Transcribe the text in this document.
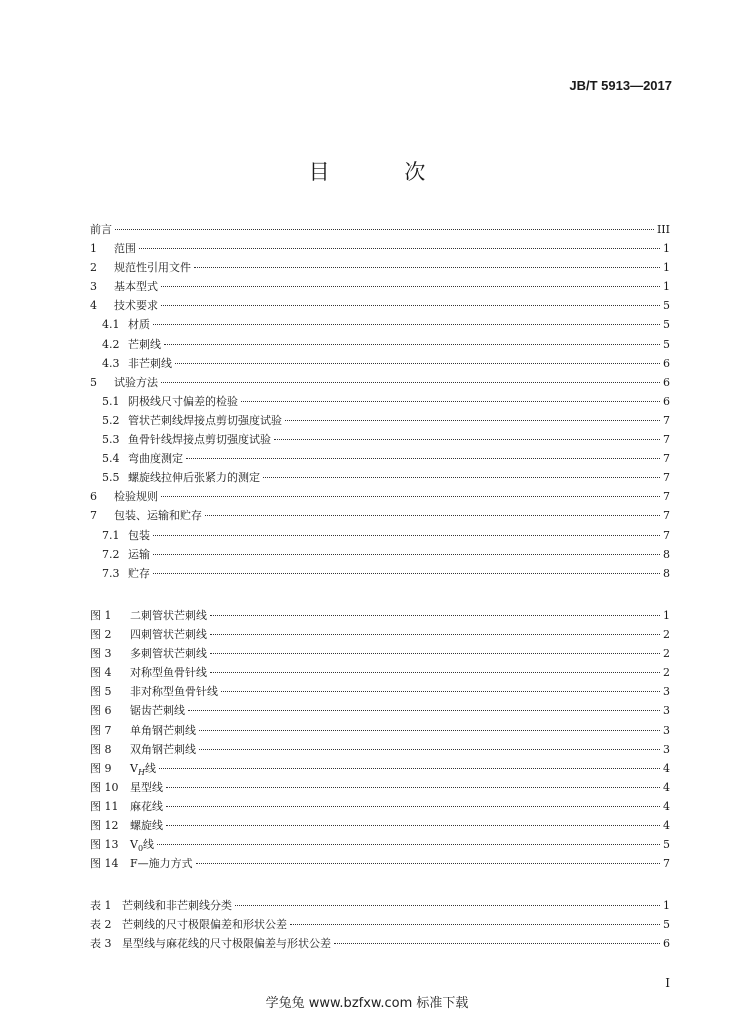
JB/T 5913—2017
目 次
前言	III
1	范围	1
2	规范性引用文件	1
3	基本型式	1
4	技术要求	5
4.1 材质	5
4.2 芒刺线	5
4.3 非芒刺线	6
5	试验方法	6
5.1 阴极线尺寸偏差的检验	6
5.2 管状芒刺线焊接点剪切强度试验	7
5.3 鱼骨针线焊接点剪切强度试验	7
5.4 弯曲度测定	7
5.5 螺旋线拉伸后张紧力的测定	7
6	检验规则	7
7	包装、运输和贮存	7
7.1 包装	7
7.2 运输	8
7.3 贮存	8
图 1	二刺管状芒刺线	1
图 2	四刺管状芒刺线	2
图 3	多刺管状芒刺线	2
图 4	对称型鱼骨针线	2
图 5	非对称型鱼骨针线	3
图 6	锯齿芒刺线	3
图 7	单角钢芒刺线	3
图 8	双角钢芒刺线	3
图 9	$V_H$线	4
图 10	星型线	4
图 11	麻花线	4
图 12	螺旋线	4
图 13	$V_0$线	5
图 14	F—施力方式	7
表 1 芒刺线和非芒刺线分类	1
表 2 芒刺线的尺寸极限偏差和形状公差	5
表 3 星型线与麻花线的尺寸极限偏差与形状公差	6
I
学兔兔 www.bzfxw.com 标准下载
